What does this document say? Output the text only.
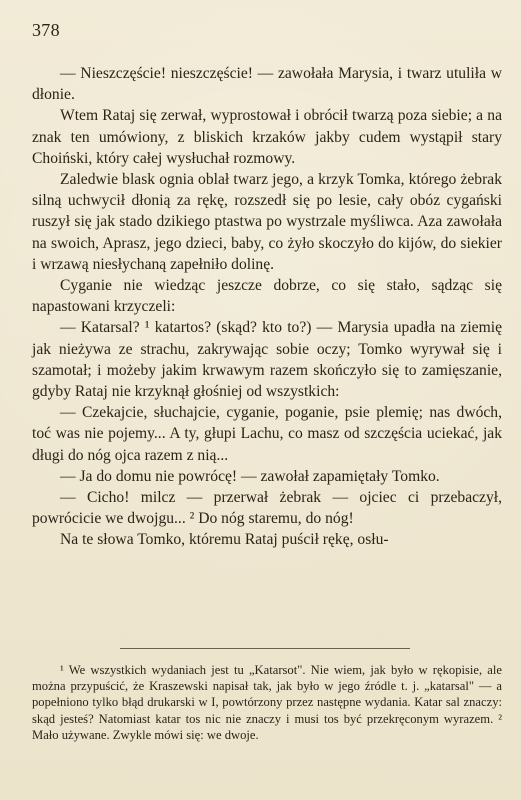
378

— Nieszczęście! nieszczęście! — zawołała Marysia, i twarz utuliła w dłonie.

Wtem Rataj się zerwał, wyprostował i obrócił twarzą poza siebie; a na znak ten umówiony, z bliskich krzaków jakby cudem wystąpił stary Choiński, który całej wysłuchał rozmowy.

Zaledwie blask ognia oblał twarz jego, a krzyk Tomka, którego żebrak silną uchwycił dłonią za rękę, rozszedł się po lesie, cały obóz cygański ruszył się jak stado dzikiego ptastwa po wystrzale myśliwca. Aza zawołała na swoich, Aprasz, jego dzieci, baby, co żyło skoczyło do kijów, do siekier i wrzawą niesłychaną zapełniło dolinę.

Cyganie nie wiedząc jeszcze dobrze, co się stało, sądząc się napastowani krzyczeli:

— Katarsal? ¹ katartos? (skąd? kto to?) — Marysia upadła na ziemię jak nieżywa ze strachu, zakrywając sobie oczy; Tomko wyrywał się i szamotał; i możeby jakim krwawym razem skończyło się to zamięszanie, gdyby Rataj nie krzyknął głośniej od wszystkich:

— Czekajcie, słuchajcie, cyganie, poganie, psie plemię; nas dwóch, toć was nie pojemy... A ty, głupi Lachu, co masz od szczęścia uciekać, jak długi do nóg ojca razem z nią...

— Ja do domu nie powrócę! — zawołał zapamiętały Tomko.

— Cicho! milcz — przerwał żebrak — ojciec ci przebaczył, powrócicie we dwojgu... ² Do nóg staremu, do nóg!

Na te słowa Tomko, któremu Rataj puścił rękę, osłu-

¹ We wszystkich wydaniach jest tu „Katarsot". Nie wiem, jak było w rękopisie, ale można przypuścić, że Kraszewski napisał tak, jak było w jego źródle t. j. „katarsal" — a popełniono tylko błąd drukarski w I, powtórzony przez następne wydania. Katar sal znaczy: skąd jesteś? Natomiast katar tos nic nie znaczy i musi tos być przekręconym wyrazem. ² Mało używane. Zwykle mówi się: we dwoje.
